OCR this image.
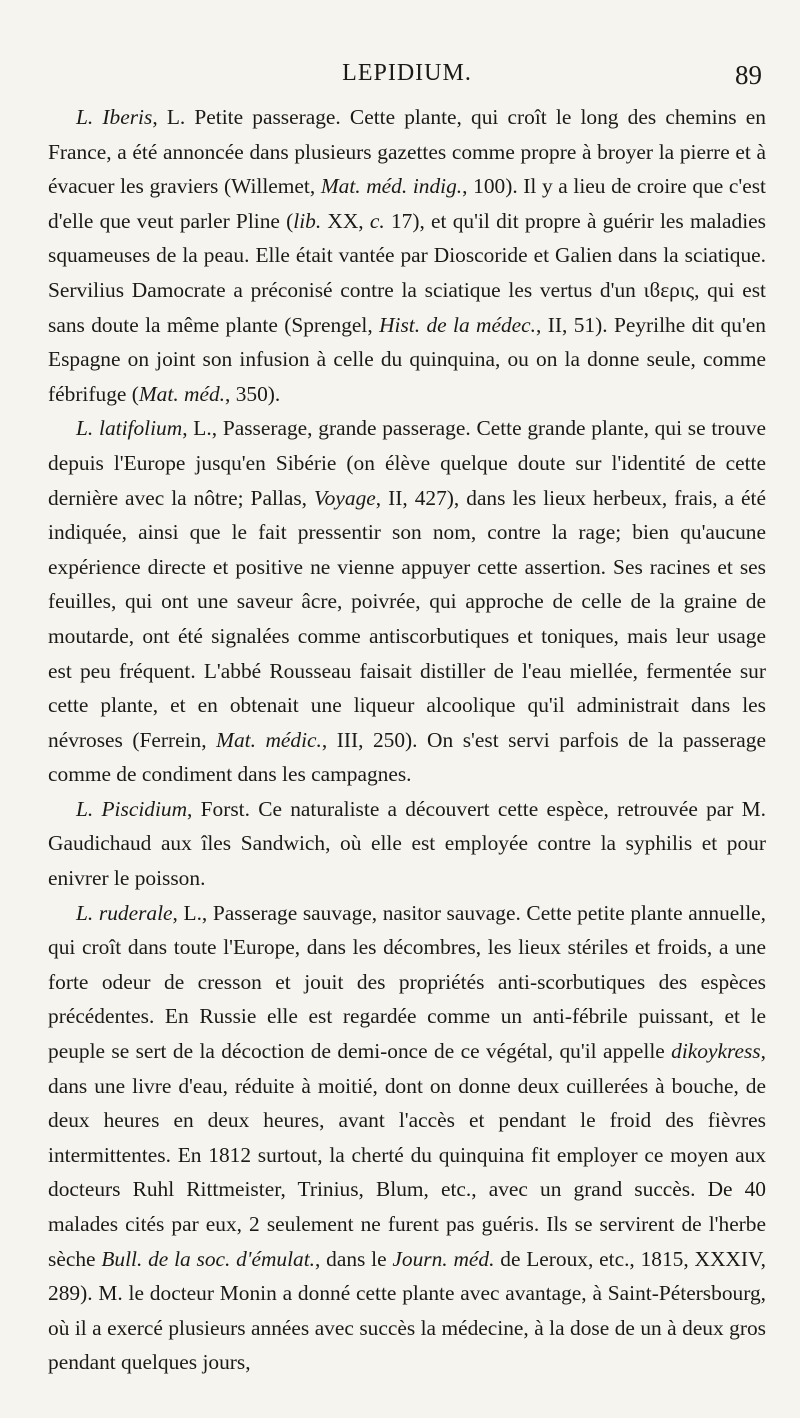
LEPIDIUM.	89

L. Iberis, L. Petite passerage. Cette plante, qui croît le long des chemins en France, a été annoncée dans plusieurs gazettes comme propre à broyer la pierre et à évacuer les graviers (Willemet, Mat. méd. indig., 100). Il y a lieu de croire que c'est d'elle que veut parler Pline (lib. XX, c. 17), et qu'il dit propre à guérir les maladies squameuses de la peau. Elle était vantée par Dioscoride et Galien dans la sciatique. Servilius Damocrate a préconisé contre la sciatique les vertus d'un ιϐερις, qui est sans doute la même plante (Sprengel, Hist. de la médec., II, 51). Peyrilhe dit qu'en Espagne on joint son infusion à celle du quinquina, ou on la donne seule, comme fébrifuge (Mat. méd., 350).

L. latifolium, L., Passerage, grande passerage. Cette grande plante, qui se trouve depuis l'Europe jusqu'en Sibérie (on élève quelque doute sur l'identité de cette dernière avec la nôtre; Pallas, Voyage, II, 427), dans les lieux herbeux, frais, a été indiquée, ainsi que le fait pressentir son nom, contre la rage; bien qu'aucune expérience directe et positive ne vienne appuyer cette assertion. Ses racines et ses feuilles, qui ont une saveur âcre, poivrée, qui approche de celle de la graine de moutarde, ont été signalées comme antiscorbutiques et toniques, mais leur usage est peu fréquent. L'abbé Rousseau faisait distiller de l'eau miellée, fermentée sur cette plante, et en obtenait une liqueur alcoolique qu'il administrait dans les névroses (Ferrein, Mat. médic., III, 250). On s'est servi parfois de la passerage comme de condiment dans les campagnes.

L. Piscidium, Forst. Ce naturaliste a découvert cette espèce, retrouvée par M. Gaudichaud aux îles Sandwich, où elle est employée contre la syphilis et pour enivrer le poisson.

L. ruderale, L., Passerage sauvage, nasitor sauvage. Cette petite plante annuelle, qui croît dans toute l'Europe, dans les décombres, les lieux stériles et froids, a une forte odeur de cresson et jouit des propriétés anti-scorbutiques des espèces précédentes. En Russie elle est regardée comme un anti-fébrile puissant, et le peuple se sert de la décoction de demi-once de ce végétal, qu'il appelle dikoykress, dans une livre d'eau, réduite à moitié, dont on donne deux cuillerées à bouche, de deux heures en deux heures, avant l'accès et pendant le froid des fièvres intermittentes. En 1812 surtout, la cherté du quinquina fit employer ce moyen aux docteurs Ruhl Rittmeister, Trinius, Blum, etc., avec un grand succès. De 40 malades cités par eux, 2 seulement ne furent pas guéris. Ils se servirent de l'herbe sèche Bull. de la soc. d'émulat., dans le Journ. méd. de Leroux, etc., 1815, XXXIV, 289). M. le docteur Monin a donné cette plante avec avantage, à Saint-Pétersbourg, où il a exercé plusieurs années avec succès la médecine, à la dose de un à deux gros pendant quelques jours,
